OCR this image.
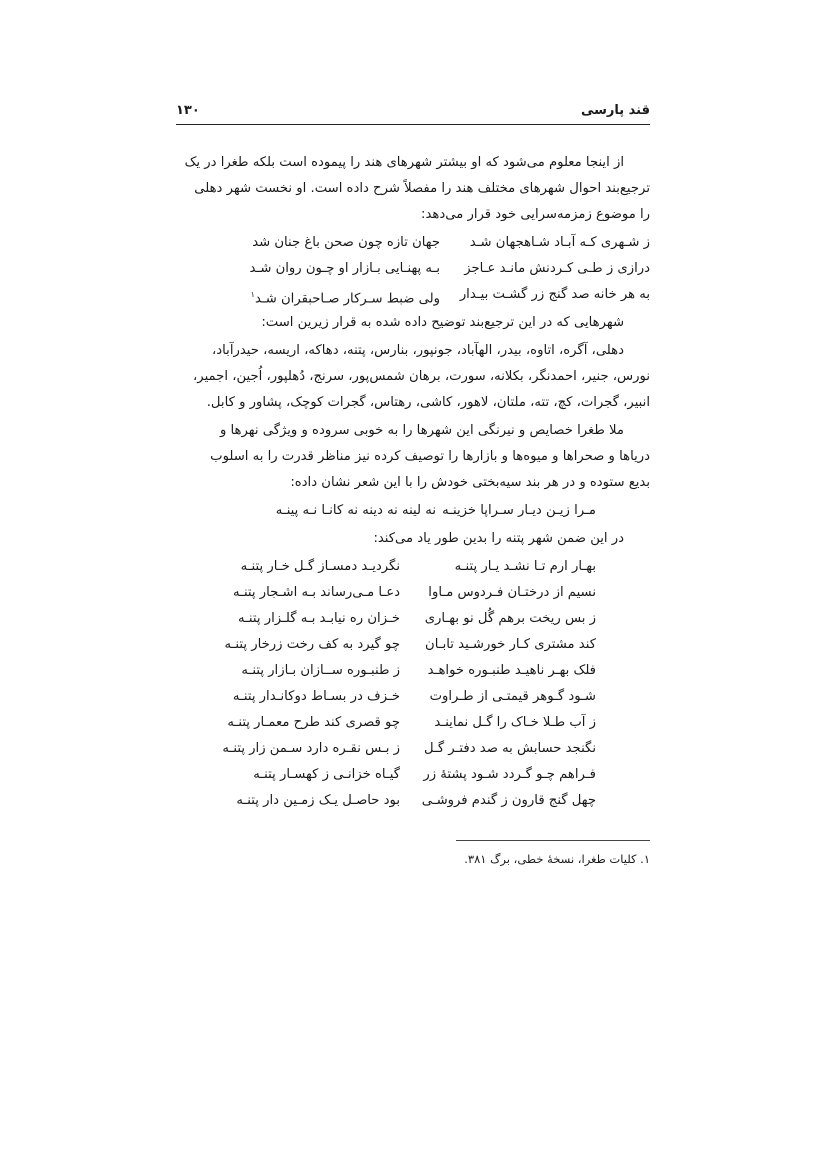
قند پارسی
۱۳۰
از اینجا معلوم می‌شود که او بیشتر شهرهای هند را پیموده است بلکه طغرا در یک
ترجیع‌بند احوال شهرهای مختلف هند را مفصلاً شرح داده است. او نخست شهر دهلی
را موضوع زمزمه‌سرایی خود قرار می‌دهد:
ز شـهری کـه آبـاد شـاهجهان شـد
جهان تازه چون صحن باغ جنان شد
درازی ز طـی کـردنش مانـد عـاجز
بـه پهنـایی بـازار او چـون روان شـد
به هر خانه صد گنج زر گشـت بیـدار
ولی ضبط سـرکار صـاحبقران شـد$^۱$
شهرهایی که در این ترجیع‌بند توضیح داده شده به قرار زیرین است:
دهلی، آگره، اتاوه، بیدر، الهآباد، جونپور، بنارس، پتنه، دهاکه، اریسه، حیدرآباد،
نورس، جنیر، احمدنگر، بکلانه، سورت، برهان شمس‌پور، سرنج، دُهلپور، اُجین، اجمیر،
انبیر، گجرات، کچ، تته، ملتان، لاهور، کاشی، رهتاس، گجرات کوچک، پشاور و کابل.
ملا طغرا خصایص و نیرنگی این شهرها را به خوبی سروده و ویژگی نهرها و
دریاها و صحراها و میوه‌ها و بازارها را توصیف کرده نیز مناظر قدرت را به اسلوب
بدیع ستوده و در هر بند سیه‌بختی خودش را با این شعر نشان داده:
مـرا زیـن دیـار سـراپا خزینـه
نه لینه نه دینه نه کانـا نـه پینـه
در این ضمن شهر پتنه را بدین طور یاد می‌کند:
بهـار ارم تـا نشـد یـار پتنـه
نگردیـد دمسـاز گـل خـار پتنـه
نسیم از درختـان فـردوس مـاوا
دعـا مـی‌رساند بـه اشـجار پتنـه
ز بس ریخت برهم گُل نو بهـاری
خـزان ره نیابـد بـه گلـزار پتنـه
کند مشتری کـار خورشـید تابـان
چو گیرد به کف رخت زرخار پتنـه
فلک بهـر ناهیـد طنبـوره خواهـد
ز طنبـوره ســازان بـازار پتنـه
شـود گـوهر قیمتـی از طـراوت
خـزف در بسـاط دوکانـدار پتنـه
ز آب طـلا خـاک را گـل نماینـد
چو قصری کند طرح معمـار پتنـه
نگنجد حسابش به صد دفتـر گـل
ز بـس نقـره دارد سـمن زار پتنـه
فـراهم چـو گـردد شـود پشتهٔ زر
گیـاه خزانـی ز کهسـار پتنـه
چهل گنج قارون ز گندم فروشـی
بود حاصـل یـک زمـین دار پتنـه
۱. کلیات طغرا، نسخهٔ خطی، برگ ۳۸۱.
